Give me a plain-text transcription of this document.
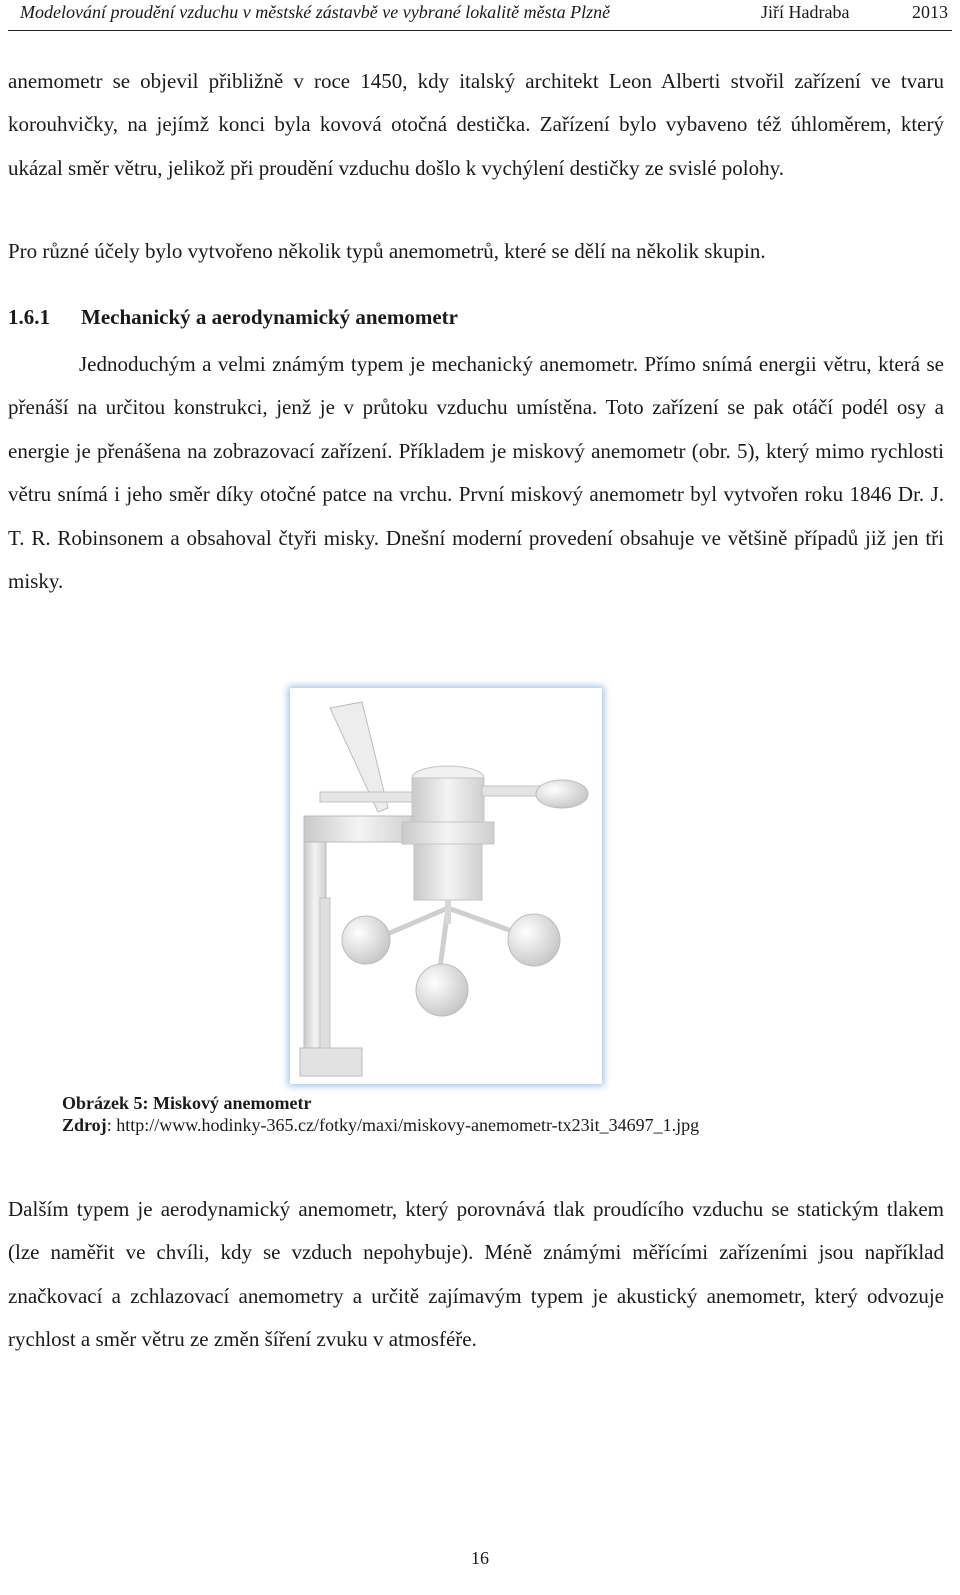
Modelování proudění vzduchu v městské zástavbě ve vybrané lokalitě města Plzně	Jiří Hadraba	2013
anemometr se objevil přibližně v roce 1450, kdy italský architekt Leon Alberti stvořil zařízení ve tvaru korouhvičky, na jejímž konci byla kovová otočná destička. Zařízení bylo vybaveno též úhloměrem, který ukázal směr větru, jelikož při proudění vzduchu došlo k vychýlení destičky ze svislé polohy.
Pro různé účely bylo vytvořeno několik typů anemometrů, které se dělí na několik skupin.
1.6.1 Mechanický a aerodynamický anemometr
Jednoduchým a velmi známým typem je mechanický anemometr. Přímo snímá energii větru, která se přenáší na určitou konstrukci, jenž je v průtoku vzduchu umístěna. Toto zařízení se pak otáčí podél osy a energie je přenášena na zobrazovací zařízení. Příkladem je miskový anemometr (obr. 5), který mimo rychlosti větru snímá i jeho směr díky otočné patce na vrchu. První miskový anemometr byl vytvořen roku 1846 Dr. J. T. R. Robinsonem a obsahoval čtyři misky. Dnešní moderní provedení obsahuje ve většině případů již jen tři misky.
Obrázek 5: Miskový anemometr
Zdroj: http://www.hodinky-365.cz/fotky/maxi/miskovy-anemometr-tx23it_34697_1.jpg
Dalším typem je aerodynamický anemometr, který porovnává tlak proudícího vzduchu se statickým tlakem (lze naměřit ve chvíli, kdy se vzduch nepohybuje). Méně známými měřícími zařízeními jsou například značkovací a zchlazovací anemometry a určitě zajímavým typem je akustický anemometr, který odvozuje rychlost a směr větru ze změn šíření zvuku v atmosféře.
16
